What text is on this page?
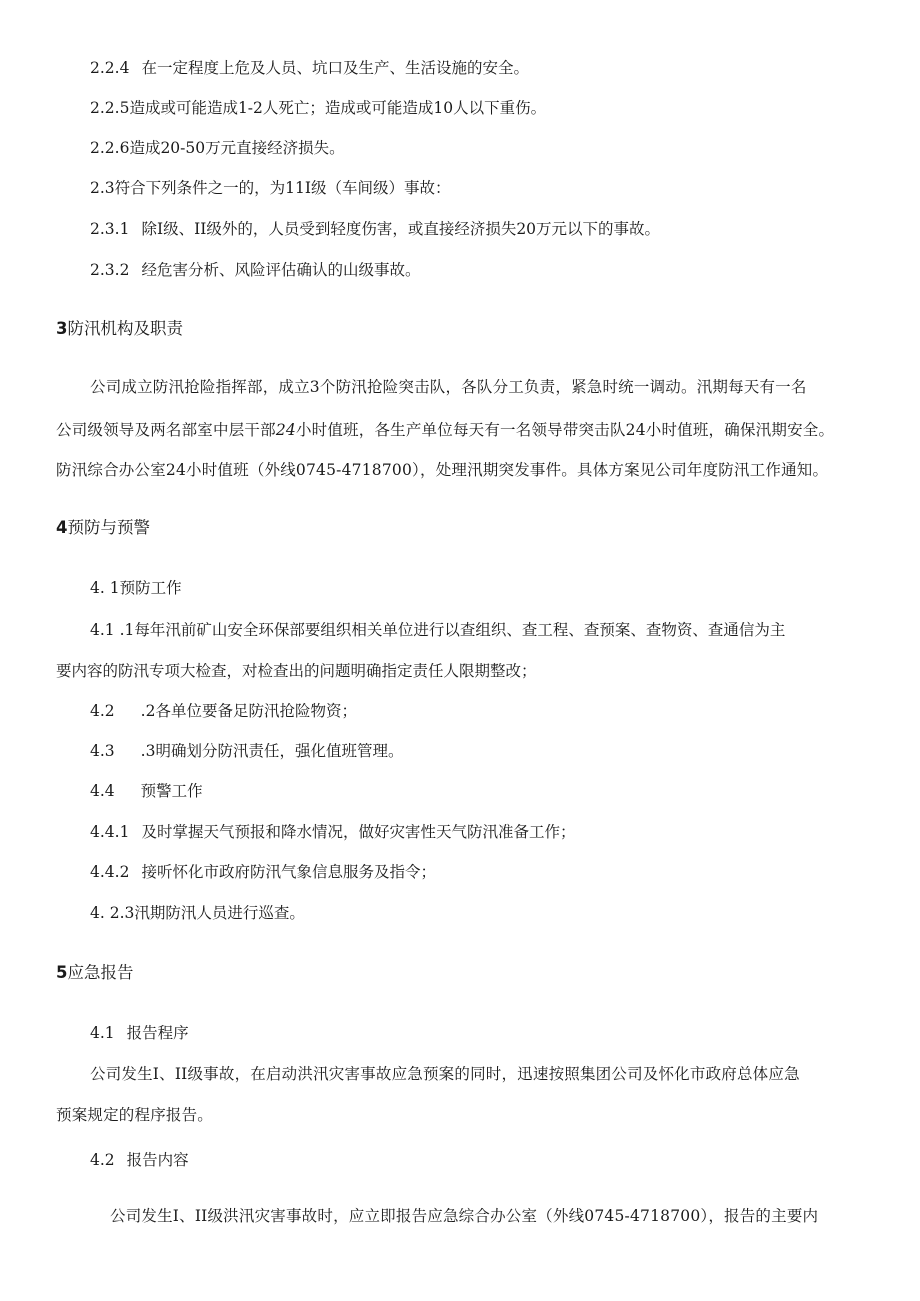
2.2.4 在一定程度上危及人员、坑口及生产、生活设施的安全。
2.2.5造成或可能造成1-2人死亡；造成或可能造成10人以下重伤。
2.2.6造成20-50万元直接经济损失。
2.3符合下列条件之一的，为11I级（车间级）事故：
2.3.1 除I级、II级外的，人员受到轻度伤害，或直接经济损失20万元以下的事故。
2.3.2 经危害分析、风险评估确认的山级事故。
3防汛机构及职责
公司成立防汛抢险指挥部，成立3个防汛抢险突击队，各队分工负责，紧急时统一调动。汛期每天有一名
公司级领导及两名部室中层干部24小时值班，各生产单位每天有一名领导带突击队24小时值班，确保汛期安全。
防汛综合办公室24小时值班（外线0745-4718700），处理汛期突发事件。具体方案见公司年度防汛工作通知。
4预防与预警
4. 1预防工作
4.1 .1每年汛前矿山安全环保部要组织相关单位进行以查组织、查工程、查预案、查物资、查通信为主
要内容的防汛专项大检查，对检查出的问题明确指定责任人限期整改；
4.2 .2各单位要备足防汛抢险物资；
4.3 .3明确划分防汛责任，强化值班管理。
4.4 预警工作
4.4.1 及时掌握天气预报和降水情况，做好灾害性天气防汛准备工作；
4.4.2 接听怀化市政府防汛气象信息服务及指令；
4. 2.3汛期防汛人员进行巡查。
5应急报告
4.1 报告程序
公司发生I、II级事故，在启动洪汛灾害事故应急预案的同时，迅速按照集团公司及怀化市政府总体应急
预案规定的程序报告。
4.2 报告内容
公司发生I、II级洪汛灾害事故时，应立即报告应急综合办公室（外线0745-4718700），报告的主要内
